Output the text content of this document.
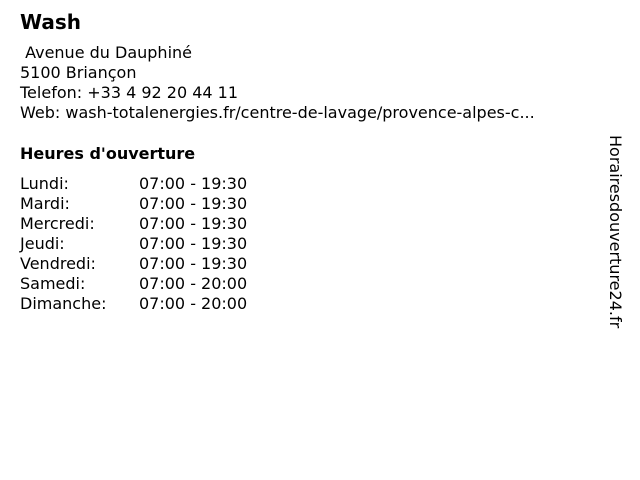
Wash
Avenue du Dauphiné
5100 Briançon
Telefon: +33 4 92 20 44 11
Web: wash-totalenergies.fr/centre-de-lavage/provence-alpes-c...
Heures d'ouverture
Lundi:	07:00 - 19:30
Mardi:	07:00 - 19:30
Mercredi:	07:00 - 19:30
Jeudi:	07:00 - 19:30
Vendredi:	07:00 - 19:30
Samedi:	07:00 - 20:00
Dimanche: 07:00 - 20:00	Horairesdouverture24.fr
